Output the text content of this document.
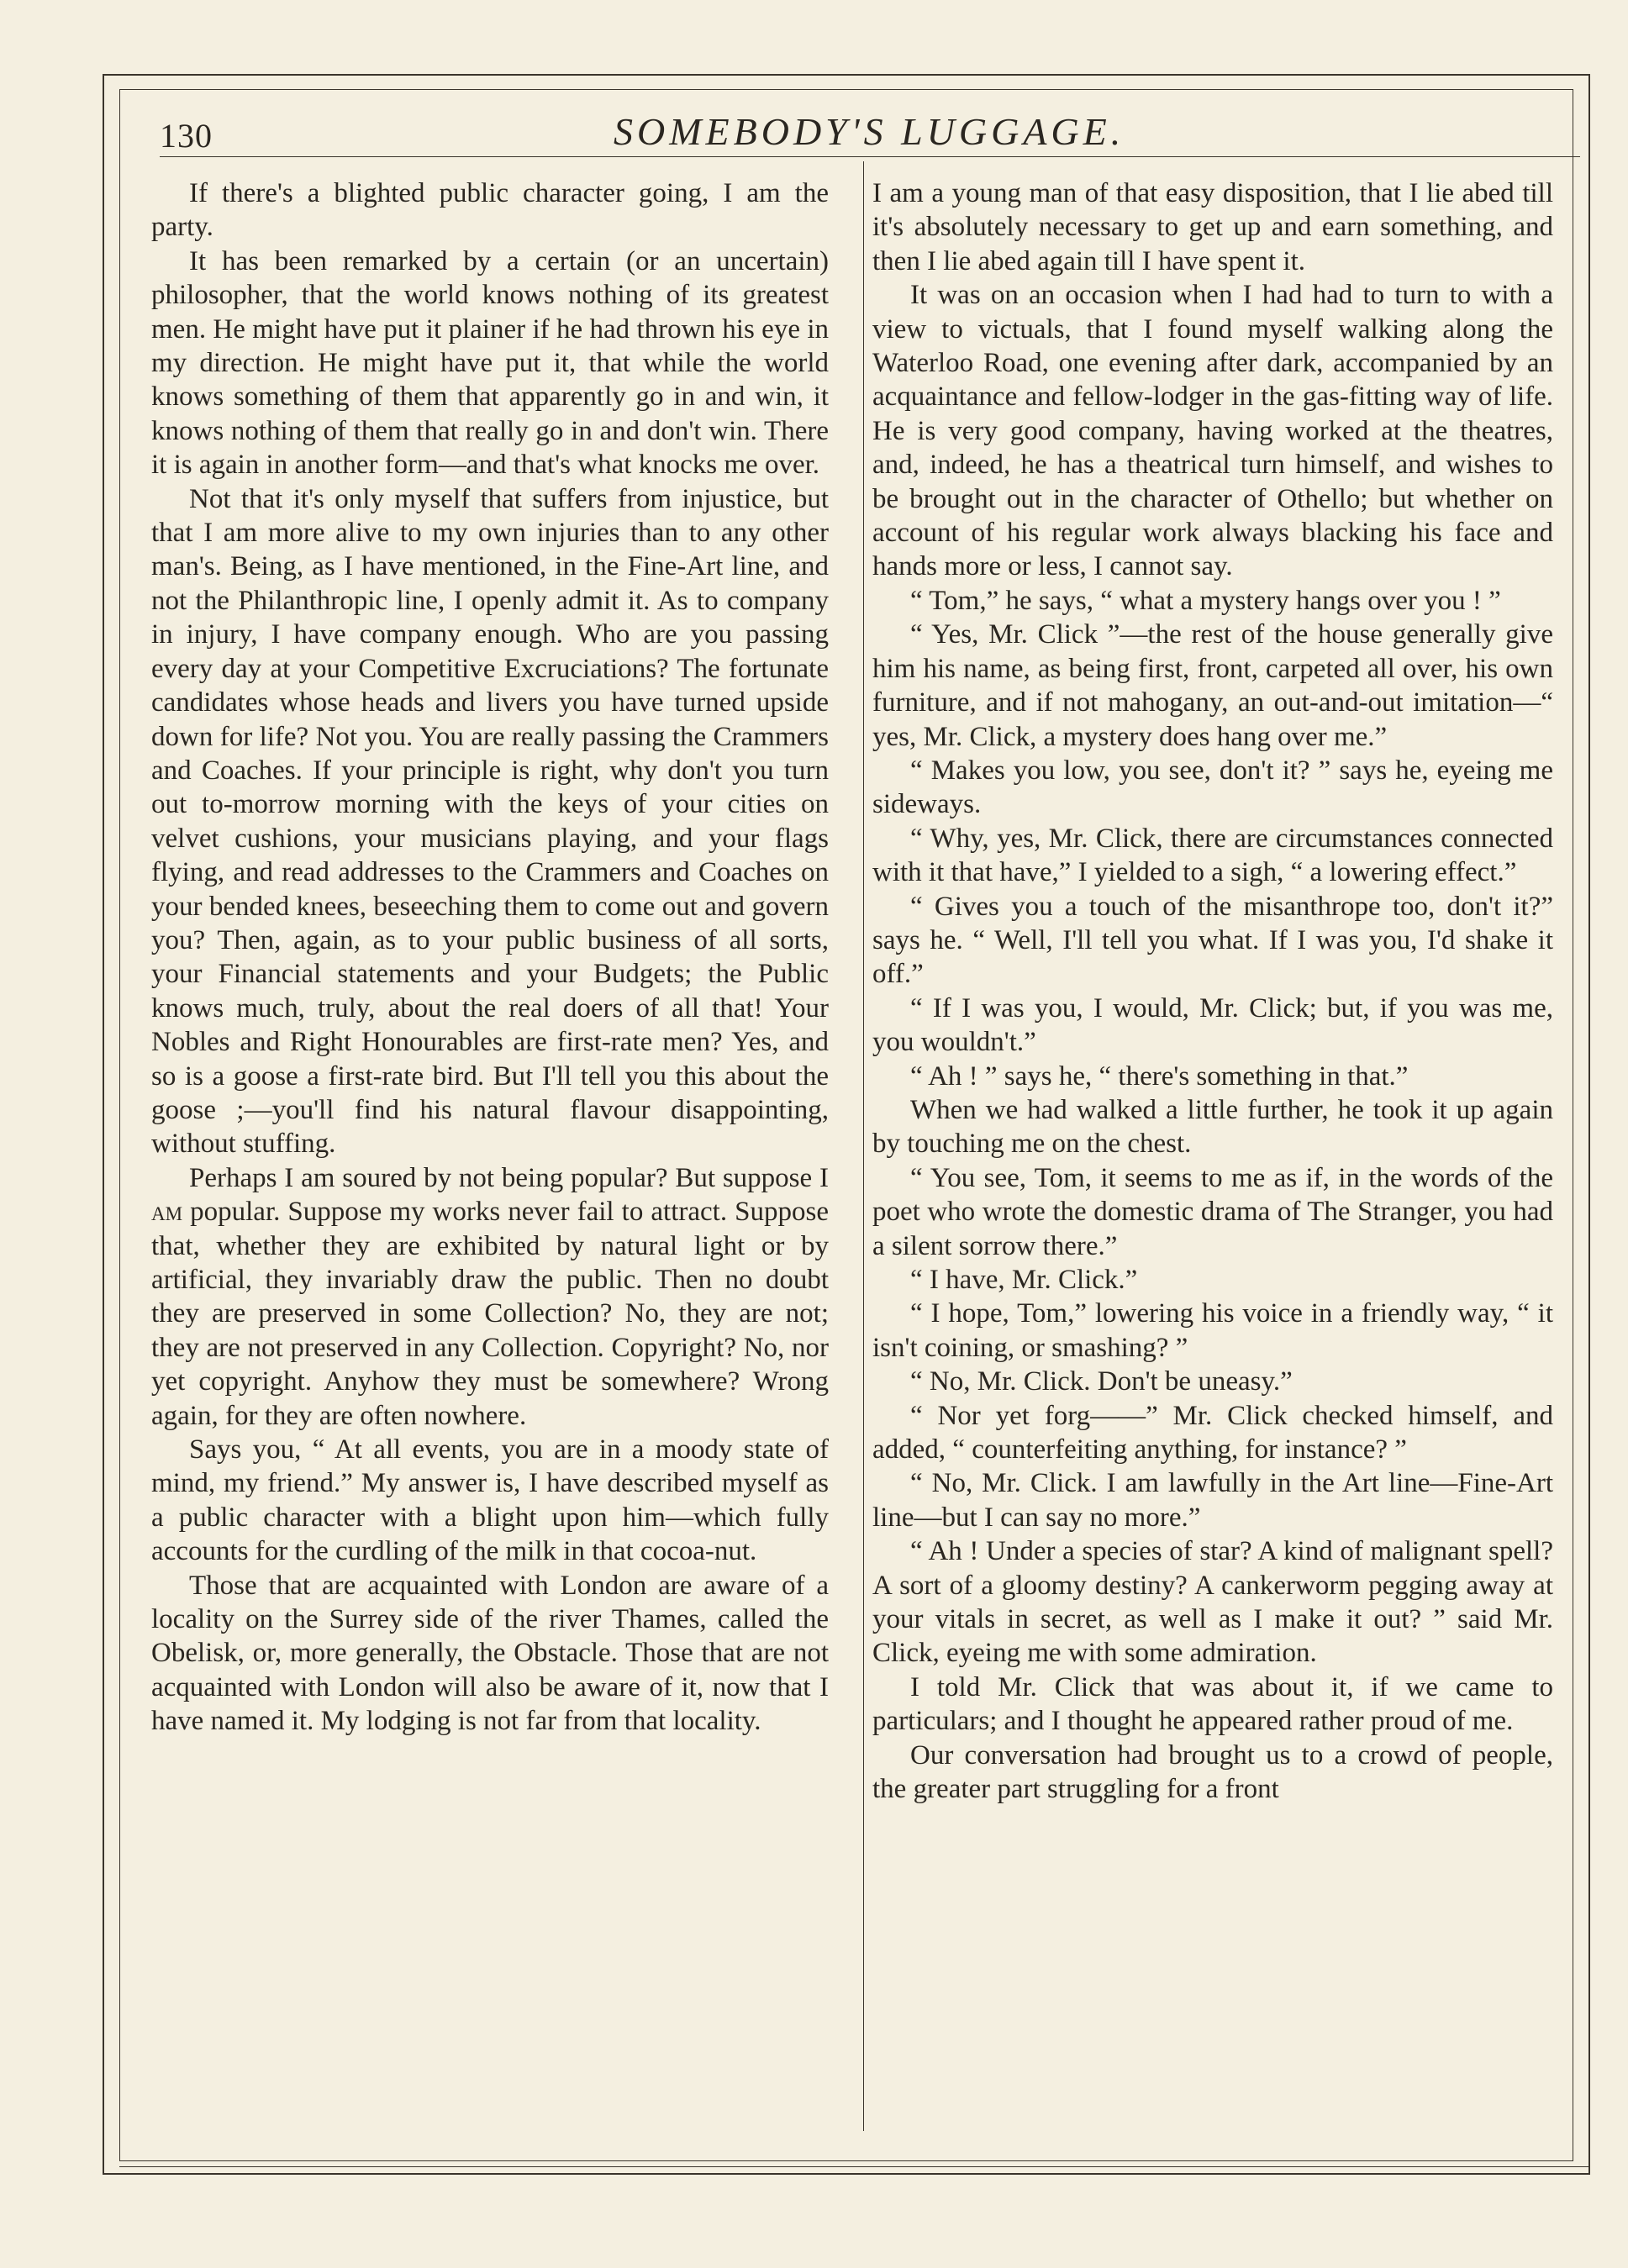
130	SOMEBODY'S LUGGAGE.

If there's a blighted public character going, I am the party.

It has been remarked by a certain (or an uncertain) philosopher, that the world knows nothing of its greatest men. He might have put it plainer if he had thrown his eye in my direction. He might have put it, that while the world knows something of them that apparently go in and win, it knows nothing of them that really go in and don't win. There it is again in another form—and that's what knocks me over.

Not that it's only myself that suffers from injustice, but that I am more alive to my own injuries than to any other man's. Being, as I have mentioned, in the Fine-Art line, and not the Philanthropic line, I openly admit it. As to company in injury, I have company enough. Who are you passing every day at your Competitive Excruciations? The fortunate candidates whose heads and livers you have turned upside down for life? Not you. You are really passing the Crammers and Coaches. If your principle is right, why don't you turn out to-morrow morning with the keys of your cities on velvet cushions, your musicians playing, and your flags flying, and read addresses to the Crammers and Coaches on your bended knees, beseeching them to come out and govern you? Then, again, as to your public business of all sorts, your Financial statements and your Budgets; the Public knows much, truly, about the real doers of all that! Your Nobles and Right Honourables are first-rate men? Yes, and so is a goose a first-rate bird. But I'll tell you this about the goose ;—you'll find his natural flavour disappointing, without stuffing.

Perhaps I am soured by not being popular? But suppose I am popular. Suppose my works never fail to attract. Suppose that, whether they are exhibited by natural light or by artificial, they invariably draw the public. Then no doubt they are preserved in some Collection? No, they are not; they are not preserved in any Collection. Copyright? No, nor yet copyright. Anyhow they must be somewhere? Wrong again, for they are often nowhere.

Says you, “ At all events, you are in a moody state of mind, my friend.” My answer is, I have described myself as a public character with a blight upon him—which fully accounts for the curdling of the milk in that cocoa-nut.

Those that are acquainted with London are aware of a locality on the Surrey side of the river Thames, called the Obelisk, or, more generally, the Obstacle. Those that are not acquainted with London will also be aware of it, now that I have named it. My lodging is not far from that locality.

I am a young man of that easy disposition, that I lie abed till it's absolutely necessary to get up and earn something, and then I lie abed again till I have spent it.

It was on an occasion when I had had to turn to with a view to victuals, that I found myself walking along the Waterloo Road, one evening after dark, accompanied by an acquaintance and fellow-lodger in the gas-fitting way of life. He is very good company, having worked at the theatres, and, indeed, he has a theatrical turn himself, and wishes to be brought out in the character of Othello; but whether on account of his regular work always blacking his face and hands more or less, I cannot say.

“ Tom,” he says, “ what a mystery hangs over you ! ”

“ Yes, Mr. Click ”—the rest of the house generally give him his name, as being first, front, carpeted all over, his own furniture, and if not mahogany, an out-and-out imitation—“ yes, Mr. Click, a mystery does hang over me.”

“ Makes you low, you see, don't it? ” says he, eyeing me sideways.

“ Why, yes, Mr. Click, there are circumstances connected with it that have,” I yielded to a sigh, “ a lowering effect.”

“ Gives you a touch of the misanthrope too, don't it?” says he. “ Well, I'll tell you what. If I was you, I'd shake it off.”

“ If I was you, I would, Mr. Click; but, if you was me, you wouldn't.”

“ Ah ! ” says he, “ there's something in that.”

When we had walked a little further, he took it up again by touching me on the chest.

“ You see, Tom, it seems to me as if, in the words of the poet who wrote the domestic drama of The Stranger, you had a silent sorrow there.”

“ I have, Mr. Click.”

“ I hope, Tom,” lowering his voice in a friendly way, “ it isn't coining, or smashing? ”

“ No, Mr. Click. Don't be uneasy.”

“ Nor yet forg——” Mr. Click checked himself, and added, “ counterfeiting anything, for instance? ”

“ No, Mr. Click. I am lawfully in the Art line—Fine-Art line—but I can say no more.”

“ Ah ! Under a species of star? A kind of malignant spell? A sort of a gloomy destiny? A cankerworm pegging away at your vitals in secret, as well as I make it out? ” said Mr. Click, eyeing me with some admiration.

I told Mr. Click that was about it, if we came to particulars; and I thought he appeared rather proud of me.

Our conversation had brought us to a crowd of people, the greater part struggling for a front
